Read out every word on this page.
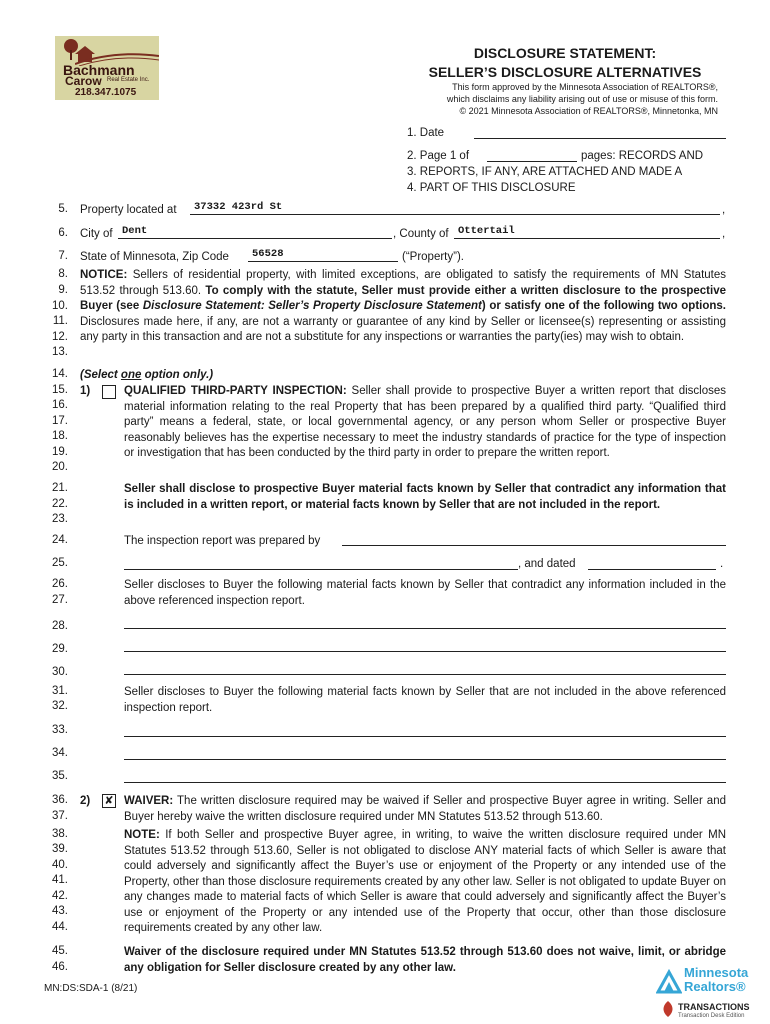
Bachmann
Carow Real Estate Inc.
218.347.1075
DISCLOSURE STATEMENT:
SELLER’S DISCLOSURE ALTERNATIVES
This form approved by the Minnesota Association of REALTORS®,
which disclaims any liability arising out of use or misuse of this form.
© 2021 Minnesota Association of REALTORS®, Minnetonka, MN
1. Date
2. Page 1 of	pages: RECORDS AND
3. REPORTS, IF ANY, ARE ATTACHED AND MADE A
4. PART OF THIS DISCLOSURE
5.
6.
7.
8.
9.
10.
11.
12.
13.
14.
15.
16.
17.
18.
19.
20.
21.
22.
23.
24.
25.
26.
27.
28.
29.
30.
31.
32.
33.
34.
35.
36.
37.
38.
39.
40.
41.
42.
43.
44.
45.
46.
Property located at 37332 423rd St	,
City of Dent	, County of Ottertail	,
State of Minnesota, Zip Code 56528	(“Property”).
NOTICE: Sellers of residential property, with limited exceptions, are obligated to satisfy the requirements of MN Statutes 513.52 through 513.60. To comply with the statute, Seller must provide either a written disclosure to the prospective Buyer (see Disclosure Statement: Seller’s Property Disclosure Statement) or satisfy one of the following two options. Disclosures made here, if any, are not a warranty or guarantee of any kind by Seller or licensee(s) representing or assisting any party in this transaction and are not a substitute for any inspections or warranties the party(ies) may wish to obtain.
(Select one option only.)
1)	QUALIFIED THIRD-PARTY INSPECTION: Seller shall provide to prospective Buyer a written report that discloses material information relating to the real Property that has been prepared by a qualified third party. “Qualified third party” means a federal, state, or local governmental agency, or any person whom Seller or prospective Buyer reasonably believes has the expertise necessary to meet the industry standards of practice for the type of inspection or investigation that has been conducted by the third party in order to prepare the written report.
Seller shall disclose to prospective Buyer material facts known by Seller that contradict any information that is included in a written report, or material facts known by Seller that are not included in the report.
The inspection report was prepared by
, and dated	.
Seller discloses to Buyer the following material facts known by Seller that contradict any information included in the above referenced inspection report.
Seller discloses to Buyer the following material facts known by Seller that are not included in the above referenced inspection report.
2) ✘ WAIVER: The written disclosure required may be waived if Seller and prospective Buyer agree in writing. Seller and Buyer hereby waive the written disclosure required under MN Statutes 513.52 through 513.60.
NOTE: If both Seller and prospective Buyer agree, in writing, to waive the written disclosure required under MN Statutes 513.52 through 513.60, Seller is not obligated to disclose ANY material facts of which Seller is aware that could adversely and significantly affect the Buyer’s use or enjoyment of the Property or any intended use of the Property, other than those disclosure requirements created by any other law. Seller is not obligated to update Buyer on any changes made to material facts of which Seller is aware that could adversely and significantly affect the Buyer’s use or enjoyment of the Property or any intended use of the Property that occur, other than those disclosure requirements created by any other law.
Waiver of the disclosure required under MN Statutes 513.52 through 513.60 does not waive, limit, or abridge any obligation for Seller disclosure created by any other law.
MN:DS:SDA-1 (8/21)
Minnesota
Realtors®
TRANSACTIONS
Transaction Desk Edition
